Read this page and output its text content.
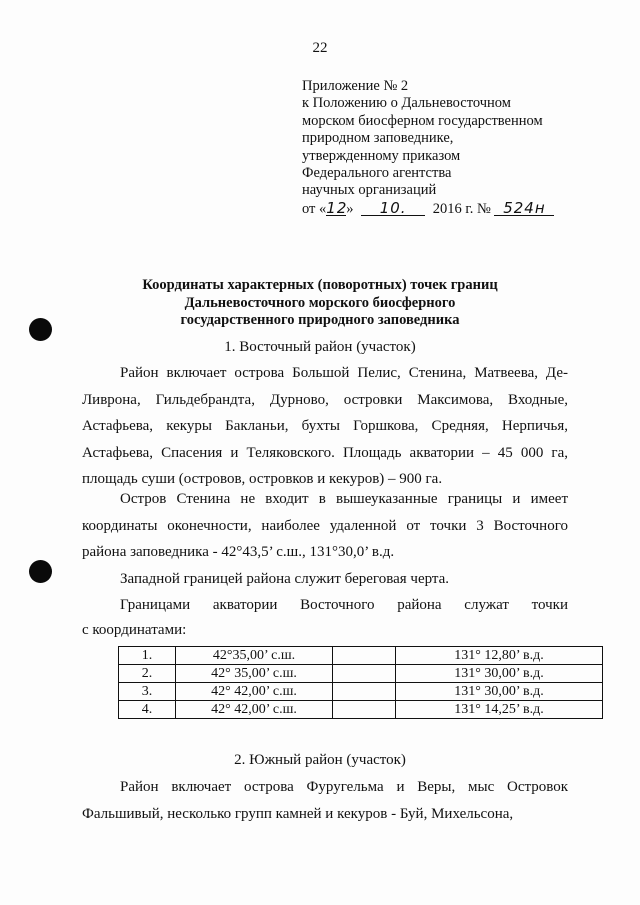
22
Приложение № 2
к Положению о Дальневосточном
морском биосферном государственном
природном заповеднике,
утвержденному приказом
Федерального агентства
научных организаций
от «12» 10. 2016 г. № 524н
Координаты характерных (поворотных) точек границ
Дальневосточного морского биосферного
государственного природного заповедника
1. Восточный район (участок)
Район включает острова Большой Пелис, Стенина, Матвеева, Де-Ливрона, Гильдебрандта, Дурново, островки Максимова, Входные, Астафьева, кекуры Бакланьи, бухты Горшкова, Средняя, Нерпичья, Астафьева, Спасения и Теляковского. Площадь акватории – 45 000 га, площадь суши (островов, островков и кекуров) – 900 га.
Остров Стенина не входит в вышеуказанные границы и имеет координаты оконечности, наиболее удаленной от точки 3 Восточного района заповедника - 42°43,5’ с.ш., 131°30,0’ в.д.
Западной границей района служит береговая черта.
Границами акватории Восточного района служат точки
с координатами:
1.	42°35,00’ с.ш.		131° 12,80’ в.д.
2.	42° 35,00’ с.ш.		131° 30,00’ в.д.
3.	42° 42,00’ с.ш.		131° 30,00’ в.д.
4.	42° 42,00’ с.ш.		131° 14,25’ в.д.
2. Южный район (участок)
Район включает острова Фуругельма и Веры, мыс Островок Фальшивый, несколько групп камней и кекуров - Буй, Михельсона,
